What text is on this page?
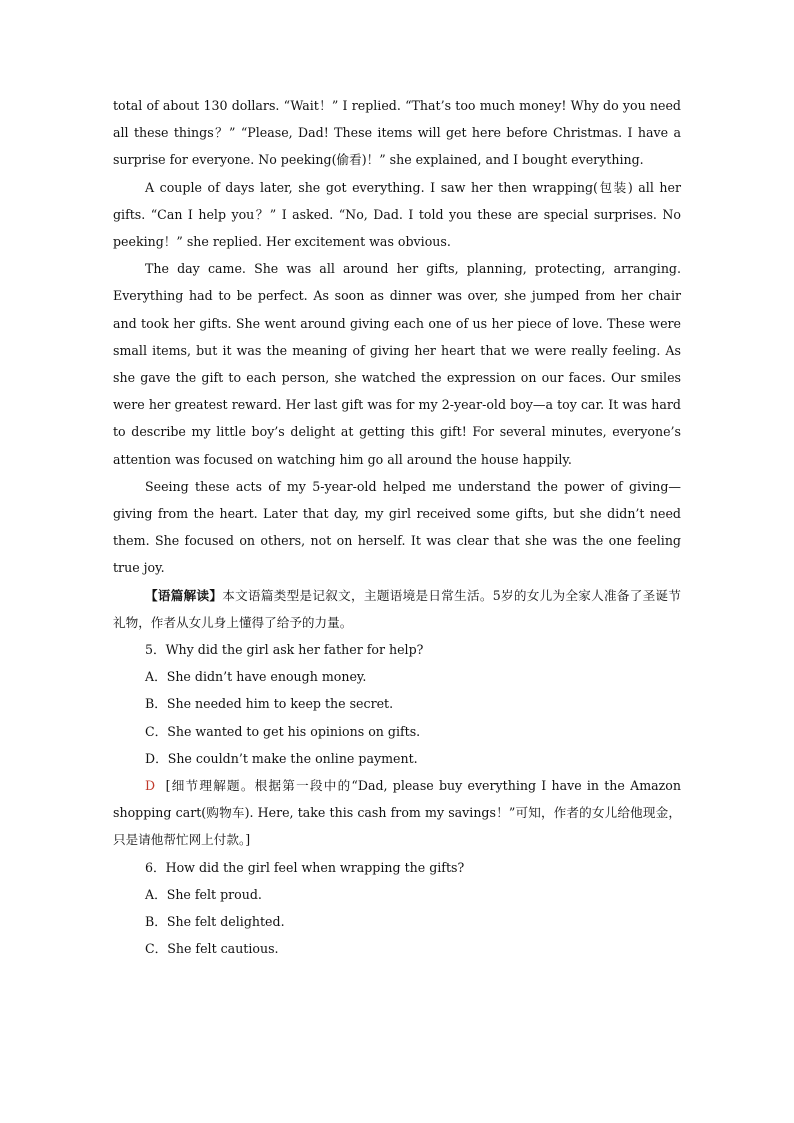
total of about 130 dollars. “Wait！” I replied. “That’s too much money! Why do you need all these things？” “Please, Dad! These items will get here before Christmas. I have a surprise for everyone. No peeking(偷看)！” she explained, and I bought everything.

A couple of days later, she got everything. I saw her then wrapping(包装) all her gifts. “Can I help you？” I asked. “No, Dad. I told you these are special surprises. No peeking！” she replied. Her excitement was obvious.

The day came. She was all around her gifts, planning, protecting, arranging. Everything had to be perfect. As soon as dinner was over, she jumped from her chair and took her gifts. She went around giving each one of us her piece of love. These were small items, but it was the meaning of giving her heart that we were really feeling. As she gave the gift to each person, she watched the expression on our faces. Our smiles were her greatest reward. Her last gift was for my 2-year-old boy—a toy car. It was hard to describe my little boy’s delight at getting this gift! For several minutes, everyone’s attention was focused on watching him go all around the house happily.

Seeing these acts of my 5-year-old helped me understand the power of giving—giving from the heart. Later that day, my girl received some gifts, but she didn’t need them. She focused on others, not on herself. It was clear that she was the one feeling true joy.

【语篇解读】本文语篇类型是记叙文，主题语境是日常生活。5岁的女儿为全家人准备了圣诞节礼物，作者从女儿身上懂得了给予的力量。

5．Why did the girl ask her father for help?

A．She didn’t have enough money.

B．She needed him to keep the secret.

C．She wanted to get his opinions on gifts.

D．She couldn’t make the online payment.

D [细节理解题。根据第一段中的“Dad, please buy everything I have in the Amazon shopping cart(购物车). Here, take this cash from my savings！”可知，作者的女儿给他现金，只是请他帮忙网上付款。]

6．How did the girl feel when wrapping the gifts?

A．She felt proud.

B．She felt delighted.

C．She felt cautious.
